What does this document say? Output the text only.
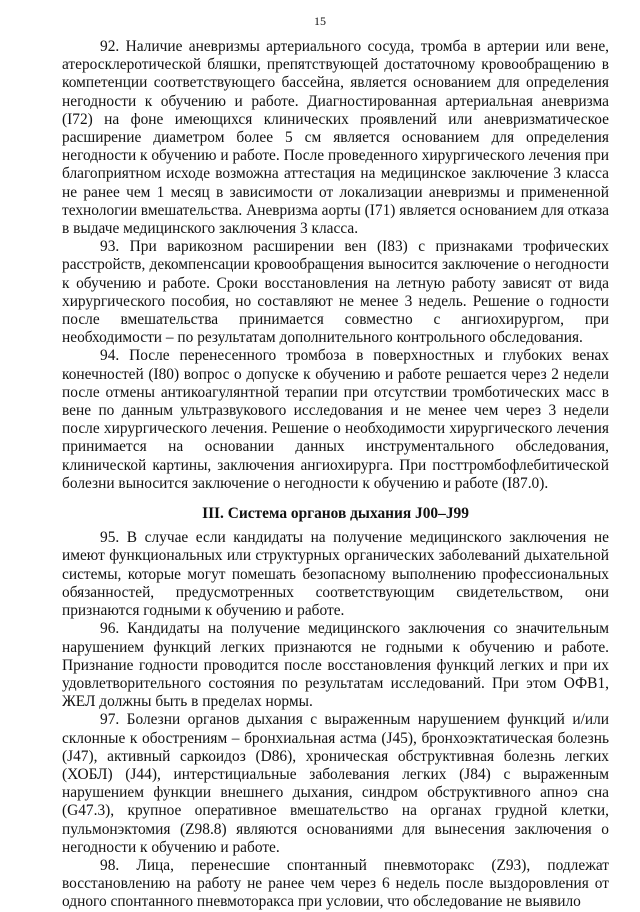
15

92. Наличие аневризмы артериального сосуда, тромба в артерии или вене, атеросклеротической бляшки, препятствующей достаточному кровообращению в компетенции соответствующего бассейна, является основанием для определения негодности к обучению и работе. Диагностированная артериальная аневризма (I72) на фоне имеющихся клинических проявлений или аневризматическое расширение диаметром более 5 см является основанием для определения негодности к обучению и работе. После проведенного хирургического лечения при благоприятном исходе возможна аттестация на медицинское заключение 3 класса не ранее чем 1 месяц в зависимости от локализации аневризмы и примененной технологии вмешательства. Аневризма аорты (I71) является основанием для отказа в выдаче медицинского заключения 3 класса.

93. При варикозном расширении вен (I83) с признаками трофических расстройств, декомпенсации кровообращения выносится заключение о негодности к обучению и работе. Сроки восстановления на летную работу зависят от вида хирургического пособия, но составляют не менее 3 недель. Решение о годности после вмешательства принимается совместно с ангиохирургом, при необходимости – по результатам дополнительного контрольного обследования.

94. После перенесенного тромбоза в поверхностных и глубоких венах конечностей (I80) вопрос о допуске к обучению и работе решается через 2 недели после отмены антикоагулянтной терапии при отсутствии тромботических масс в вене по данным ультразвукового исследования и не менее чем через 3 недели после хирургического лечения. Решение о необходимости хирургического лечения принимается на основании данных инструментального обследования, клинической картины, заключения ангиохирурга. При посттромбофлебитической болезни выносится заключение о негодности к обучению и работе (I87.0).

III. Система органов дыхания J00–J99

95. В случае если кандидаты на получение медицинского заключения не имеют функциональных или структурных органических заболеваний дыхательной системы, которые могут помешать безопасному выполнению профессиональных обязанностей, предусмотренных соответствующим свидетельством, они признаются годными к обучению и работе.

96. Кандидаты на получение медицинского заключения со значительным нарушением функций легких признаются не годными к обучению и работе. Признание годности проводится после восстановления функций легких и при их удовлетворительного состояния по результатам исследований. При этом ОФВ1, ЖЕЛ должны быть в пределах нормы.

97. Болезни органов дыхания с выраженным нарушением функций и/или склонные к обострениям – бронхиальная астма (J45), бронхоэктатическая болезнь (J47), активный саркоидоз (D86), хроническая обструктивная болезнь легких (ХОБЛ) (J44), интерстициальные заболевания легких (J84) с выраженным нарушением функции внешнего дыхания, синдром обструктивного апноэ сна (G47.3), крупное оперативное вмешательство на органах грудной клетки, пульмонэктомия (Z98.8) являются основаниями для вынесения заключения о негодности к обучению и работе.

98. Лица, перенесшие спонтанный пневмоторакс (Z93), подлежат восстановлению на работу не ранее чем через 6 недель после выздоровления от одного спонтанного пневмоторакса при условии, что обследование не выявило
